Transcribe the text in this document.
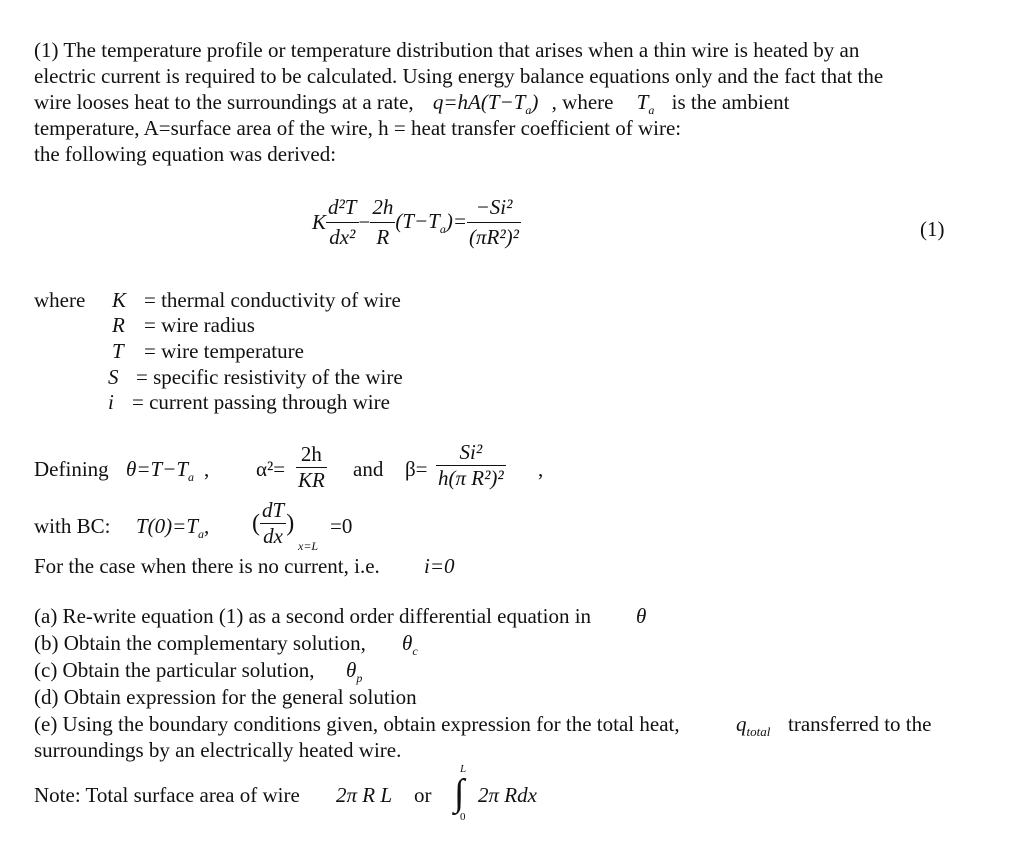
(1) The temperature profile or temperature distribution that arises when a thin wire is heated by an
electric current is required to be calculated. Using energy balance equations only and the fact that the
wire looses heat to the surroundings at a rate, $q=hA(T-T_a)$ , where $T_a$ is the ambient
temperature, A=surface area of the wire, h = heat transfer coefficient of wire:
the following equation was derived:
K $\frac{\text{d²T}}{\text{dx²}} - \frac{2h}{R} (T-T_a)= \frac{\text{−Si²}}{\text{(πR²)²}}$	(1)
where K = thermal conductivity of wire
R = wire radius
T = wire temperature
S = specific resistivity of the wire
i = current passing through wire
Defining $\theta=T-T_a$ , $\alpha^2= \frac{2h}{KR}$ and $\beta= \frac{\text{Si²}}{\text{h(π R²)²}}$ ,
with BC: $T(0)=T_a$, ( $\frac{dT}{dx}$ )
x=L
=0
For the case when there is no current, i.e. i=0
(a) Re-write equation (1) as a second order differential equation in θ
(b) Obtain the complementary solution, $\theta_c$
(c) Obtain the particular solution, $\theta_p$
(d) Obtain expression for the general solution
(e) Using the boundary conditions given, obtain expression for the total heat,	$q_{total}$ transferred to the
surroundings by an electrically heated wire.
Note: Total surface area of wire 2π R L or ∫
L
0
2π Rdx
